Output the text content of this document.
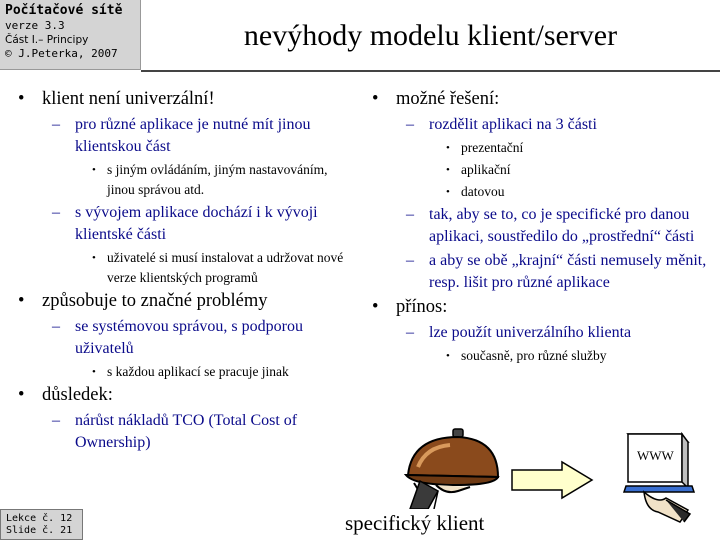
Počítačové sítě
verze 3.3
Část I.– Principy
© J.Peterka, 2007
nevýhody modelu klient/server
• klient není univerzální!
– pro různé aplikace je nutné mít jinou klientskou část
• s jiným ovládáním, jiným nastavováním, jinou správou atd.
– s vývojem aplikace dochází i k vývoji klientské části
• uživatelé si musí instalovat a udržovat nové verze klientských programů
• způsobuje to značné problémy
– se systémovou správou, s podporou uživatelů
• s každou aplikací se pracuje jinak
• důsledek:
– nárůst nákladů TCO (Total Cost of Ownership)
• možné řešení:
– rozdělit aplikaci na 3 části
• prezentační
• aplikační
• datovou
– tak, aby se to, co je specifické pro danou aplikaci, soustředilo do „prostřední“ části
– a aby se obě „krajní“ části nemusely měnit, resp. lišit pro různé aplikace
• přínos:
– lze použít univerzálního klienta
• současně, pro různé služby
WWW
specifický klient
Lekce č. 12
Slide č. 21
